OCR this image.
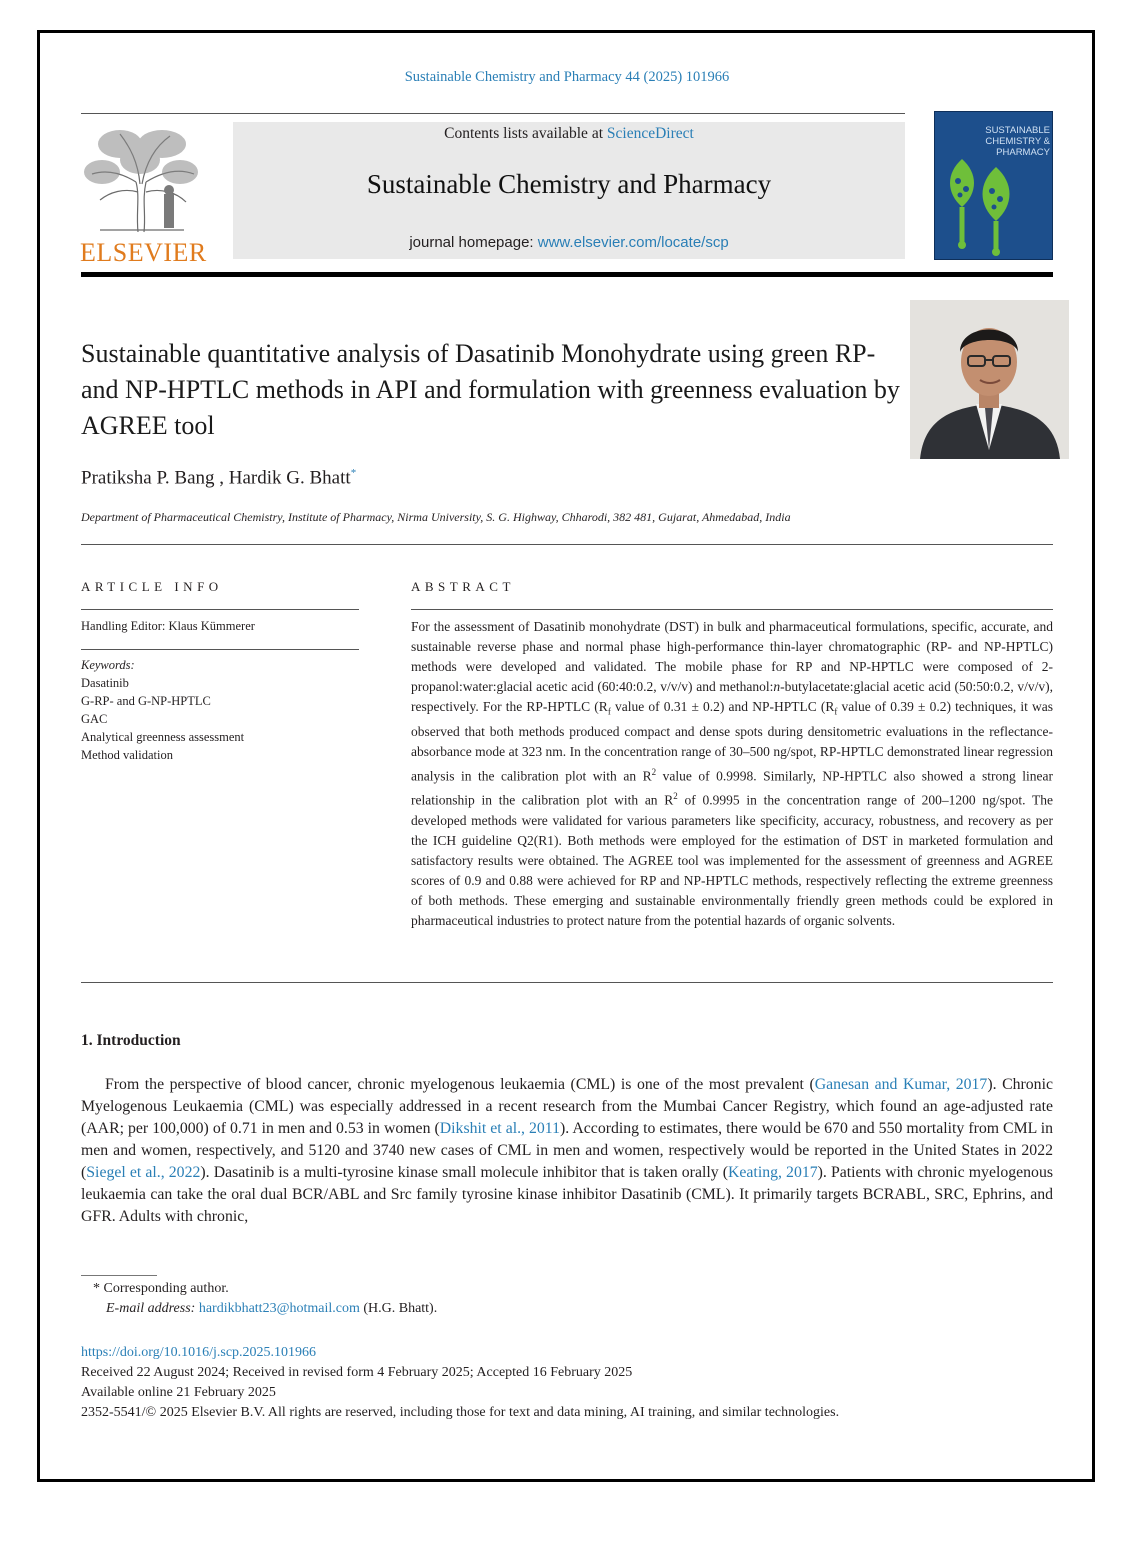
Sustainable Chemistry and Pharmacy 44 (2025) 101966
ELSEVIER
Contents lists available at ScienceDirect
Sustainable Chemistry and Pharmacy
journal homepage: www.elsevier.com/locate/scp
SUSTAINABLE
CHEMISTRY &
PHARMACY
Sustainable quantitative analysis of Dasatinib Monohydrate using green RP- and NP-HPTLC methods in API and formulation with greenness evaluation by AGREE tool
Pratiksha P. Bang , Hardik G. Bhatt*
Department of Pharmaceutical Chemistry, Institute of Pharmacy, Nirma University, S. G. Highway, Chharodi, 382 481, Gujarat, Ahmedabad, India
ARTICLE INFO
Handling Editor: Klaus Kümmerer
Keywords:
Dasatinib
G-RP- and G-NP-HPTLC
GAC
Analytical greenness assessment
Method validation
ABSTRACT
For the assessment of Dasatinib monohydrate (DST) in bulk and pharmaceutical formulations, specific, accurate, and sustainable reverse phase and normal phase high-performance thin-layer chromatographic (RP- and NP-HPTLC) methods were developed and validated. The mobile phase for RP and NP-HPTLC were composed of 2-propanol:water:glacial acetic acid (60:40:0.2, v/v/v) and methanol:n-butylacetate:glacial acetic acid (50:50:0.2, v/v/v), respectively. For the RP-HPTLC ($R_f$ value of 0.31 ± 0.2) and NP-HPTLC ($R_f$ value of 0.39 ± 0.2) techniques, it was observed that both methods produced compact and dense spots during densitometric evaluations in the reflectance-absorbance mode at 323 nm. In the concentration range of 30–500 ng/spot, RP-HPTLC demonstrated linear regression analysis in the calibration plot with an $R^2$ value of 0.9998. Similarly, NP-HPTLC also showed a strong linear relationship in the calibration plot with an $R^2$ of 0.9995 in the concentration range of 200–1200 ng/spot. The developed methods were validated for various parameters like specificity, accuracy, robustness, and recovery as per the ICH guideline Q2(R1). Both methods were employed for the estimation of DST in marketed formulation and satisfactory results were obtained. The AGREE tool was implemented for the assessment of greenness and AGREE scores of 0.9 and 0.88 were achieved for RP and NP-HPTLC methods, respectively reflecting the extreme greenness of both methods. These emerging and sustainable environmentally friendly green methods could be explored in pharmaceutical industries to protect nature from the potential hazards of organic solvents.
1. Introduction
From the perspective of blood cancer, chronic myelogenous leukaemia (CML) is one of the most prevalent (Ganesan and Kumar, 2017). Chronic Myelogenous Leukaemia (CML) was especially addressed in a recent research from the Mumbai Cancer Registry, which found an age-adjusted rate (AAR; per 100,000) of 0.71 in men and 0.53 in women (Dikshit et al., 2011). According to estimates, there would be 670 and 550 mortality from CML in men and women, respectively, and 5120 and 3740 new cases of CML in men and women, respectively would be reported in the United States in 2022 (Siegel et al., 2022). Dasatinib is a multi-tyrosine kinase small molecule inhibitor that is taken orally (Keating, 2017). Patients with chronic myelogenous leukaemia can take the oral dual BCR/ABL and Src family tyrosine kinase inhibitor Dasatinib (CML). It primarily targets BCRABL, SRC, Ephrins, and GFR. Adults with chronic,
* Corresponding author.
E-mail address: hardikbhatt23@hotmail.com (H.G. Bhatt).
https://doi.org/10.1016/j.scp.2025.101966
Received 22 August 2024; Received in revised form 4 February 2025; Accepted 16 February 2025
Available online 21 February 2025
2352-5541/© 2025 Elsevier B.V. All rights are reserved, including those for text and data mining, AI training, and similar technologies.
